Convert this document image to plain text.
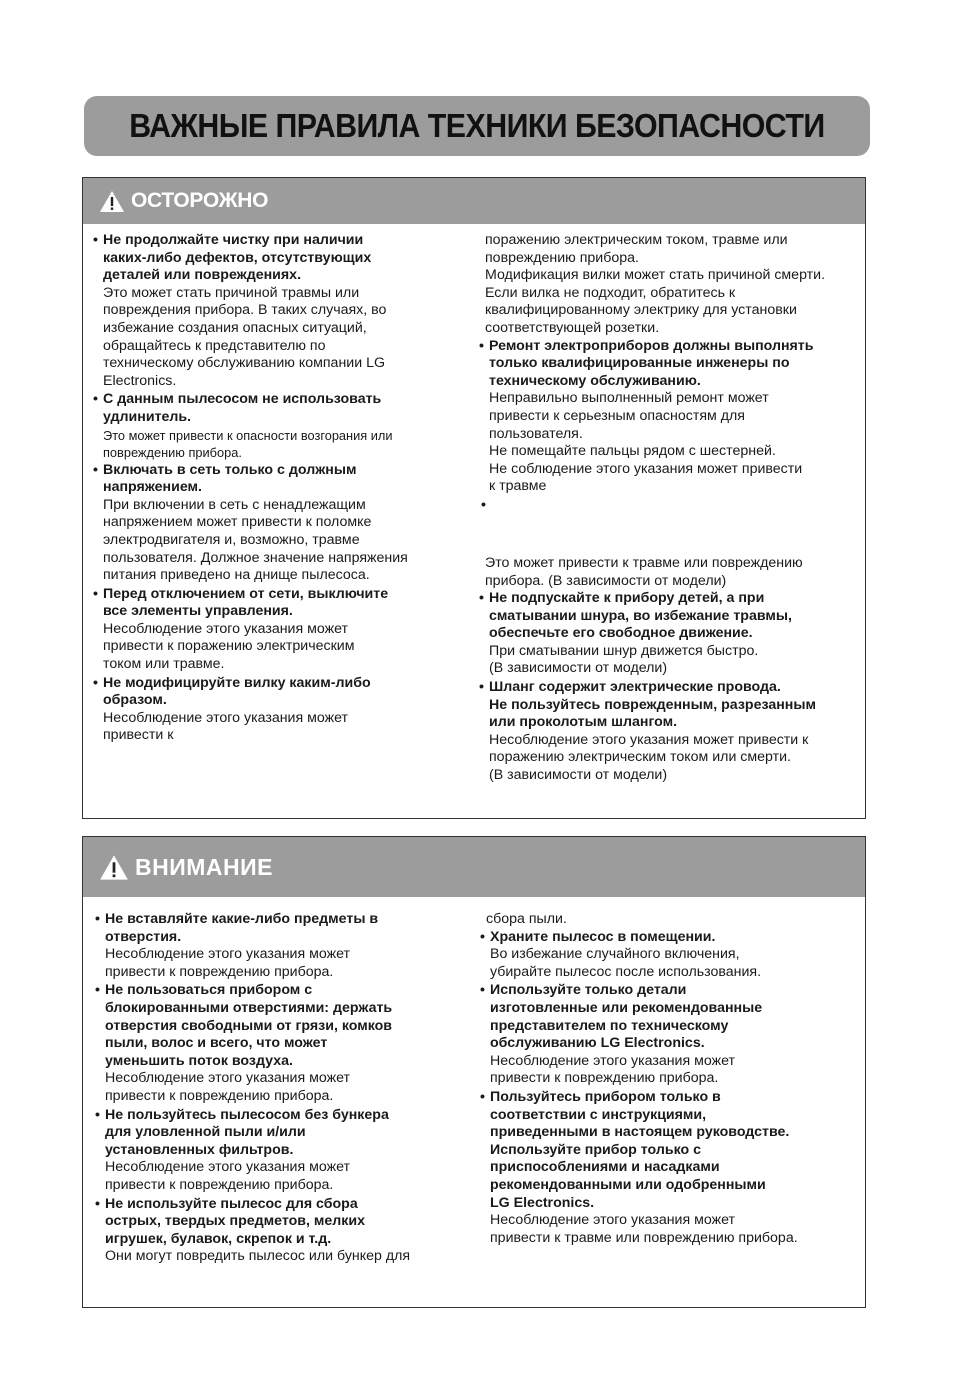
ВАЖНЫЕ ПРАВИЛА ТЕХНИКИ БЕЗОПАСНОСТИ
ОСТОРОЖНО
• Не продолжайте чистку при наличии
каких-либо дефектов, отсутствующих
деталей или повреждениях.
Это может стать причиной травмы или
повреждения прибора. В таких случаях, во
избежание создания опасных ситуаций,
обращайтесь к представителю по
техническому обслуживанию компании LG
Electronics.
• С данным пылесосом не использовать
удлинитель.
Это может привести к опасности возгорания или
повреждению прибора.
• Включать в сеть только с должным
напряжением.
При включении в сеть с ненадлежащим
напряжением может привести к поломке
электродвигателя и, возможно, травме
пользователя. Должное значение напряжения
питания приведено на днище пылесоса.
• Перед отключением от сети, выключите
все элементы управления.
Несоблюдение этого указания может
привести к поражению электрическим
током или травме.
• Не модифицируйте вилку каким-либо
образом.
Несоблюдение этого указания может
привести к
поражению электрическим током, травме или
повреждению прибора.
Модификация вилки может стать причиной смерти.
Если вилка не подходит, обратитесь к
квалифицированному электрику для установки
соответствующей розетки.
• Ремонт электроприборов должны выполнять
только квалифицированные инженеры по
техническому обслуживанию.
Неправильно выполненный ремонт может
привести к серьезным опасностям для
пользователя.
Не помещайте пальцы рядом с шестерней.
Не соблюдение этого указания может привести
к травме
•
Это может привести к травме или повреждению
прибора. (В зависимости от модели)
• Не подпускайте к прибору детей, а при
сматывании шнура, во избежание травмы,
обеспечьте его свободное движение.
При сматывании шнур движется быстро.
(В зависимости от модели)
• Шланг содержит электрические провода.
Не пользуйтесь поврежденным, разрезанным
или проколотым шлангом.
Несоблюдение этого указания может привести к
поражению электрическим током или смерти.
(В зависимости от модели)
ВНИМАНИЕ
• Не вставляйте какие-либо предметы в
отверстия.
Несоблюдение этого указания может
привести к повреждению прибора.
• Не пользоваться прибором с
блокированными отверстиями: держать
отверстия свободными от грязи, комков
пыли, волос и всего, что может
уменьшить поток воздуха.
Несоблюдение этого указания может
привести к повреждению прибора.
• Не пользуйтесь пылесосом без бункера
для уловленной пыли и/или
установленных фильтров.
Несоблюдение этого указания может
привести к повреждению прибора.
• Не используйте пылесос для сбора
острых, твердых предметов, мелких
игрушек, булавок, скрепок и т.д.
Они могут повредить пылесос или бункер для
сбора пыли.
• Храните пылесос в помещении.
Во избежание случайного включения,
убирайте пылесос после использования.
• Используйте только детали
изготовленные или рекомендованные
представителем по техническому
обслуживанию LG Electronics.
Несоблюдение этого указания может
привести к повреждению прибора.
• Пользуйтесь прибором только в
соответствии с инструкциями,
приведенными в настоящем руководстве.
Используйте прибор только с
приспособлениями и насадками
рекомендованными или одобренными
LG Electronics.
Несоблюдение этого указания может
привести к травме или повреждению прибора.
